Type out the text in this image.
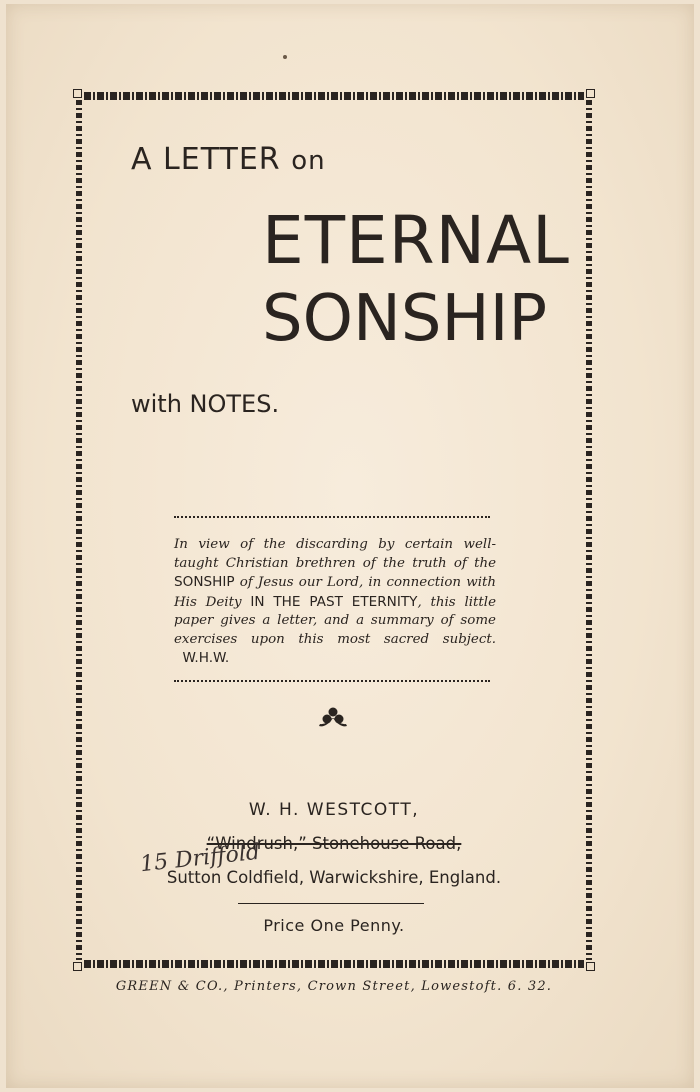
A LETTER on
ETERNAL
SONSHIP
with NOTES.
In view of the discarding by certain well-taught Christian brethren of the truth of the SONSHIP of Jesus our Lord, in connection with His Deity IN THE PAST ETERNITY, this little paper gives a letter, and a summary of some exercises upon this most sacred subject.   W.H.W.
W. H. WESTCOTT,
“Windrush,” Stonehouse Road,
15 Driffold
Sutton Coldfield, Warwickshire, England.
Price One Penny.
GREEN & CO., Printers, Crown Street, Lowestoft. 6. 32.
